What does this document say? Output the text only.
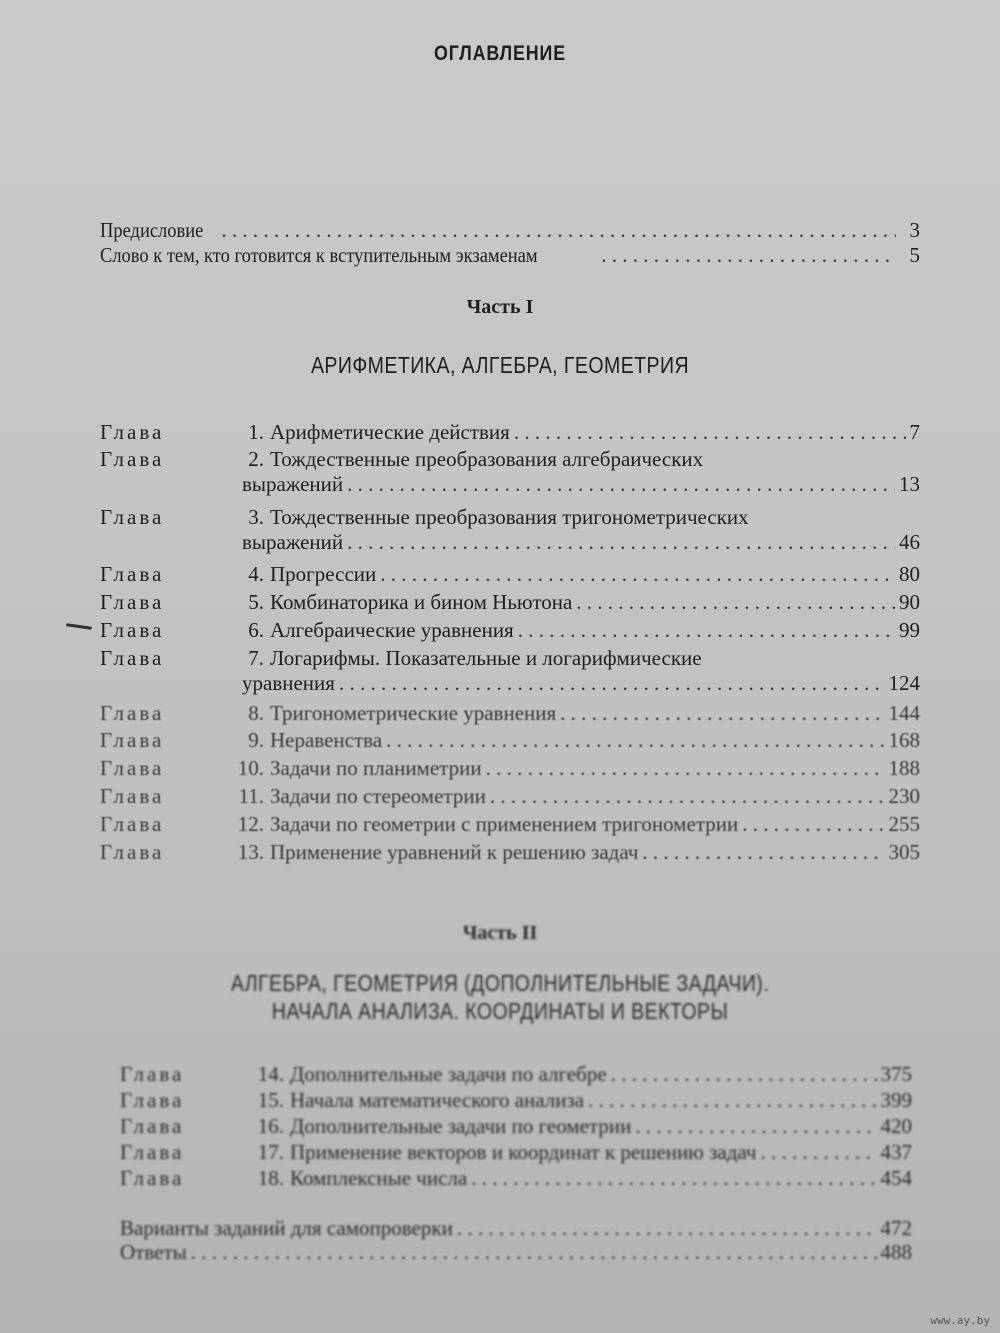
ОГЛАВЛЕНИЕ
Предисловие . . .	3
Слово к тем, кто готовится к вступительным экзаменам . . .	5
Часть I
АРИФМЕТИКА, АЛГЕБРА, ГЕОМЕТРИЯ
Глава	1. Арифметические действия . . .	7
Глава	2. Тождественные преобразования алгебраических
выражений . . .	13
Глава	3. Тождественные преобразования тригонометрических
выражений . . .	46
Глава	4. Прогрессии . . .	80
Глава	5. Комбинаторика и бином Ньютона . . .	90
Глава	6. Алгебраические уравнения . . .	99
Глава	7. Логарифмы. Показательные и логарифмические
уравнения . . .	124
Глава	8. Тригонометрические уравнения . . .	144
Глава	9. Неравенства . . .	168
Глава	10. Задачи по планиметрии . . .	188
Глава	11. Задачи по стереометрии . . .	230
Глава	12. Задачи по геометрии с применением тригонометрии . . .	255
Глава	13. Применение уравнений к решению задач . . .	305
Часть II
АЛГЕБРА, ГЕОМЕТРИЯ (ДОПОЛНИТЕЛЬНЫЕ ЗАДАЧИ).
НАЧАЛА АНАЛИЗА. КООРДИНАТЫ И ВЕКТОРЫ
Глава	14. Дополнительные задачи по алгебре . . .	375
Глава	15. Начала математического анализа . . .	399
Глава	16. Дополнительные задачи по геометрии . . .	420
Глава	17. Применение векторов и координат к решению задач . . .	437
Глава	18. Комплексные числа . . .	454
Варианты заданий для самопроверки . . .	472
Ответы . . .	488
www.ay.by
